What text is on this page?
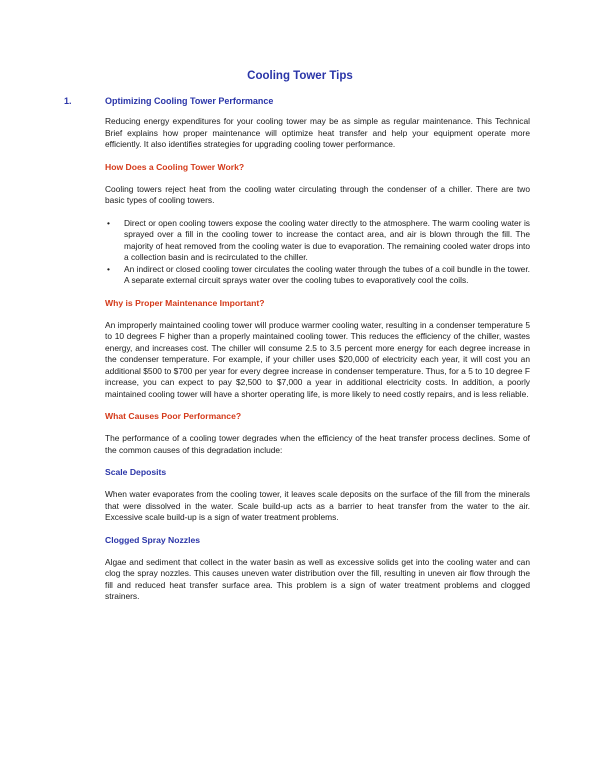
Cooling Tower Tips
1.	Optimizing Cooling Tower Performance

Reducing energy expenditures for your cooling tower may be as simple as regular maintenance. This Technical Brief explains how proper maintenance will optimize heat transfer and help your equipment operate more efficiently. It also identifies strategies for upgrading cooling tower performance.

How Does a Cooling Tower Work?

Cooling towers reject heat from the cooling water circulating through the condenser of a chiller. There are two basic types of cooling towers.

• Direct or open cooling towers expose the cooling water directly to the atmosphere. The warm cooling water is sprayed over a fill in the cooling tower to increase the contact area, and air is blown through the fill. The majority of heat removed from the cooling water is due to evaporation. The remaining cooled water drops into a collection basin and is recirculated to the chiller.
• An indirect or closed cooling tower circulates the cooling water through the tubes of a coil bundle in the tower. A separate external circuit sprays water over the cooling tubes to evaporatively cool the coils.
Why is Proper Maintenance Important?

An improperly maintained cooling tower will produce warmer cooling water, resulting in a condenser temperature 5 to 10 degrees F higher than a properly maintained cooling tower. This reduces the efficiency of the chiller, wastes energy, and increases cost. The chiller will consume 2.5 to 3.5 percent more energy for each degree increase in the condenser temperature. For example, if your chiller uses $20,000 of electricity each year, it will cost you an additional $500 to $700 per year for every degree increase in condenser temperature. Thus, for a 5 to 10 degree F increase, you can expect to pay $2,500 to $7,000 a year in additional electricity costs. In addition, a poorly maintained cooling tower will have a shorter operating life, is more likely to need costly repairs, and is less reliable.

What Causes Poor Performance?

The performance of a cooling tower degrades when the efficiency of the heat transfer process declines. Some of the common causes of this degradation include:

Scale Deposits

When water evaporates from the cooling tower, it leaves scale deposits on the surface of the fill from the minerals that were dissolved in the water. Scale build-up acts as a barrier to heat transfer from the water to the air. Excessive scale build-up is a sign of water treatment problems.

Clogged Spray Nozzles

Algae and sediment that collect in the water basin as well as excessive solids get into the cooling water and can clog the spray nozzles. This causes uneven water distribution over the fill, resulting in uneven air flow through the fill and reduced heat transfer surface area. This problem is a sign of water treatment problems and clogged strainers.
